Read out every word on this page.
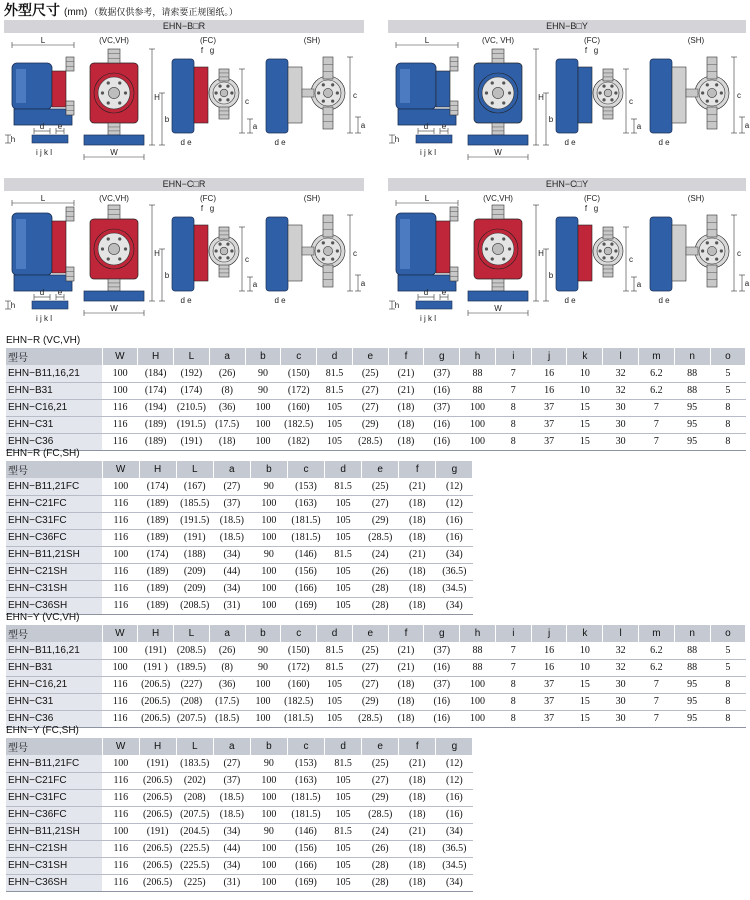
外型尺寸 (mm) （数据仅供参考，请索要正规图纸。）
EHN−B□R
L
d e
h
i j k l
(VC,VH)
W
H
b
(FC)
c
a
f g
d e
(SH)
c
a
d e
EHN−B□Y
L
d e
h
i j k l
(VC, VH)
W
H
b
(FC)
c
a
f g
d e
(SH)
c
a
d e
EHN−C□R
L
d e
h
i j k l
(VC,VH)
W
H
b
(FC)
c
a
f g
d e
(SH)
c
a
d e
EHN−C□Y
L
d e
h
i j k l
(VC,VH)
W
H
b
(FC)
c
a
f g
d e
(SH)
c
a
d e
EHN−R (VC,VH)
型号	W	H	L	a	b	c	d	e	f	g	h	i	j	k	l	m	n	o
EHN−B11,16,21	100	(184)	(192)	(26)	90	(150)	81.5	(25)	(21)	(37)	88	7	16	10	32	6.2	88	5
EHN−B31	100	(174)	(174)	(8)	90	(172)	81.5	(27)	(21)	(16)	88	7	16	10	32	6.2	88	5
EHN−C16,21	116	(194)	(210.5)	(36)	100	(160)	105	(27)	(18)	(37)	100	8	37	15	30	7	95	8
EHN−C31	116	(189)	(191.5)	(17.5)	100	(182.5)	105	(29)	(18)	(16)	100	8	37	15	30	7	95	8
EHN−C36	116	(189)	(191)	(18)	100	(182)	105	(28.5)	(18)	(16)	100	8	37	15	30	7	95	8
EHN−R (FC,SH)
型号	W	H	L	a	b	c	d	e	f	g
EHN−B11,21FC	100	(174)	(167)	(27)	90	(153)	81.5	(25)	(21)	(12)
EHN−C21FC	116	(189)	(185.5)	(37)	100	(163)	105	(27)	(18)	(12)
EHN−C31FC	116	(189)	(191.5)	(18.5)	100	(181.5)	105	(29)	(18)	(16)
EHN−C36FC	116	(189)	(191)	(18.5)	100	(181.5)	105	(28.5)	(18)	(16)
EHN−B11,21SH	100	(174)	(188)	(34)	90	(146)	81.5	(24)	(21)	(34)
EHN−C21SH	116	(189)	(209)	(44)	100	(156)	105	(26)	(18)	(36.5)
EHN−C31SH	116	(189)	(209)	(34)	100	(166)	105	(28)	(18)	(34.5)
EHN−C36SH	116	(189)	(208.5)	(31)	100	(169)	105	(28)	(18)	(34)
EHN−Y (VC,VH)
型号	W	H	L	a	b	c	d	e	f	g	h	i	j	k	l	m	n	o
EHN−B11,16,21	100	(191)	(208.5)	(26)	90	(150)	81.5	(25)	(21)	(37)	88	7	16	10	32	6.2	88	5
EHN−B31	100	(191 )	(189.5)	(8)	90	(172)	81.5	(27)	(21)	(16)	88	7	16	10	32	6.2	88	5
EHN−C16,21	116	(206.5)	(227)	(36)	100	(160)	105	(27)	(18)	(37)	100	8	37	15	30	7	95	8
EHN−C31	116	(206.5)	(208)	(17.5)	100	(182.5)	105	(29)	(18)	(16)	100	8	37	15	30	7	95	8
EHN−C36	116	(206.5)	(207.5)	(18.5)	100	(181.5)	105	(28.5)	(18)	(16)	100	8	37	15	30	7	95	8
EHN−Y (FC,SH)
型号	W	H	L	a	b	c	d	e	f	g
EHN−B11,21FC	100	(191)	(183.5)	(27)	90	(153)	81.5	(25)	(21)	(12)
EHN−C21FC	116	(206.5)	(202)	(37)	100	(163)	105	(27)	(18)	(12)
EHN−C31FC	116	(206.5)	(208)	(18.5)	100	(181.5)	105	(29)	(18)	(16)
EHN−C36FC	116	(206.5)	(207.5)	(18.5)	100	(181.5)	105	(28.5)	(18)	(16)
EHN−B11,21SH	100	(191)	(204.5)	(34)	90	(146)	81.5	(24)	(21)	(34)
EHN−C21SH	116	(206.5)	(225.5)	(44)	100	(156)	105	(26)	(18)	(36.5)
EHN−C31SH	116	(206.5)	(225.5)	(34)	100	(166)	105	(28)	(18)	(34.5)
EHN−C36SH	116	(206.5)	(225)	(31)	100	(169)	105	(28)	(18)	(34)
